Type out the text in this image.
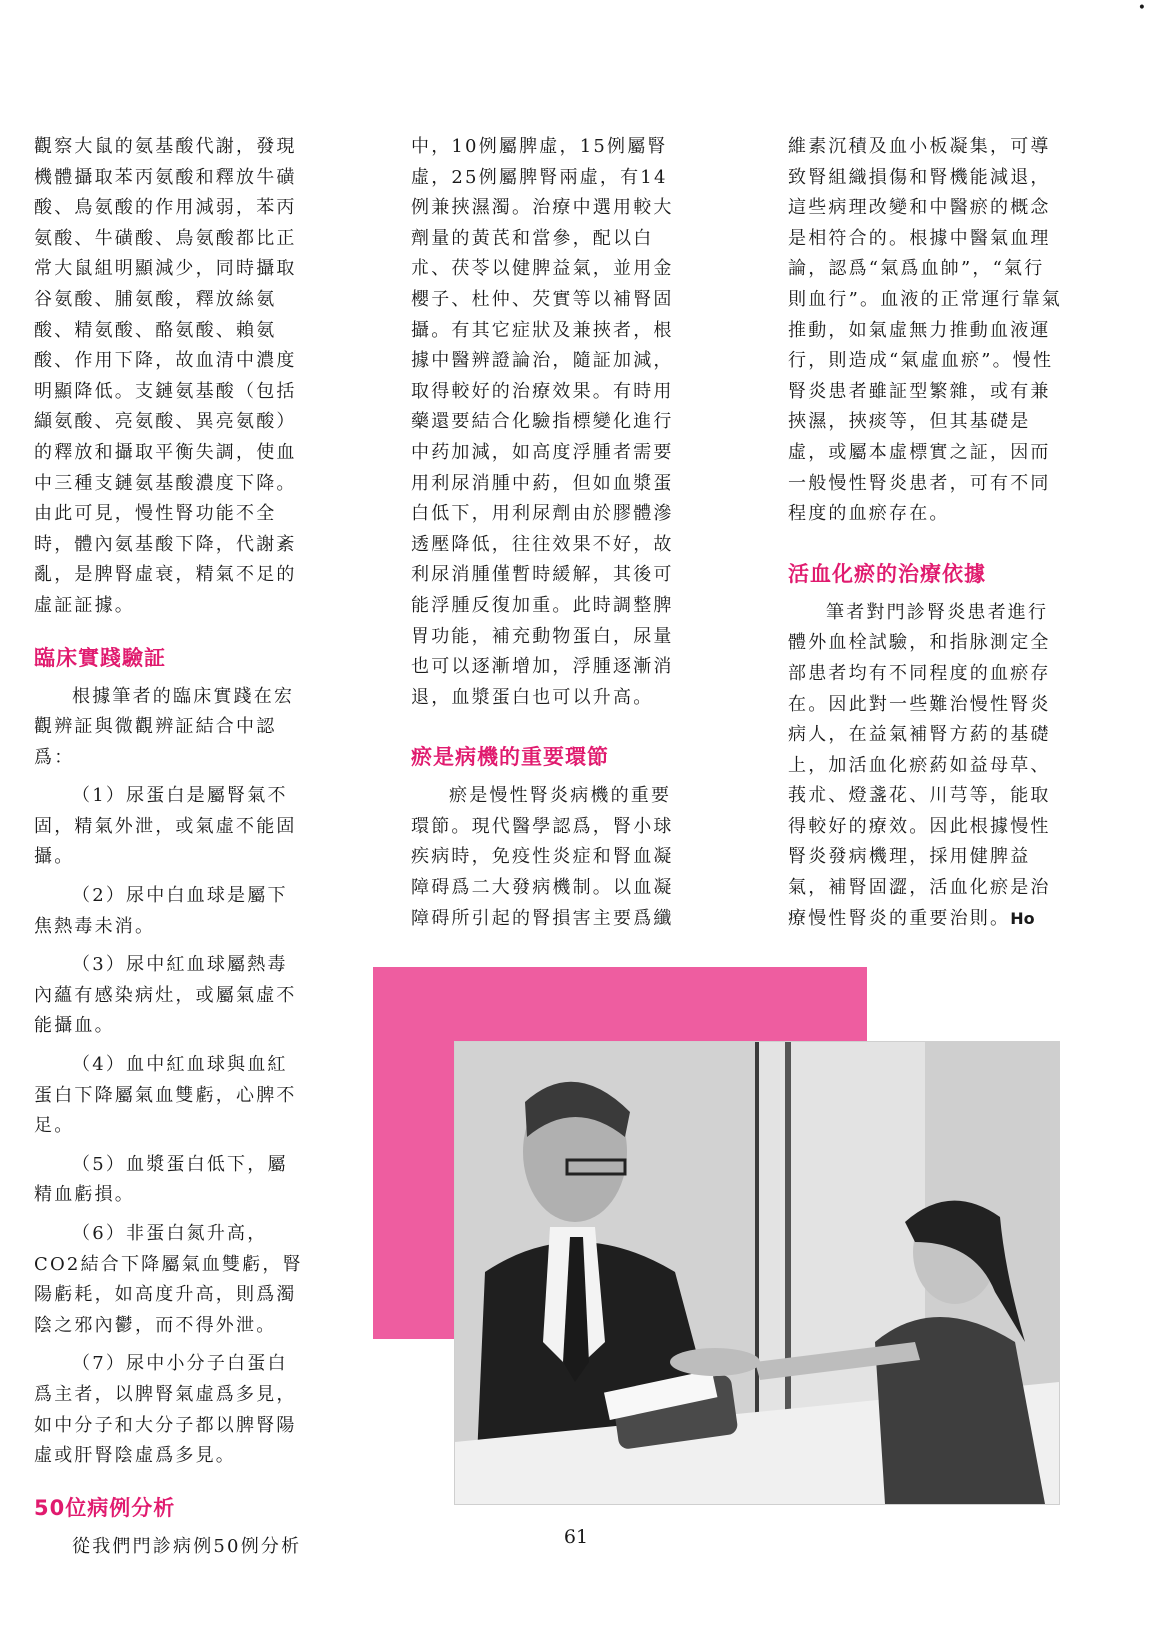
•

觀察大鼠的氨基酸代謝，發現機體攝取苯丙氨酸和釋放牛磺酸、鳥氨酸的作用減弱，苯丙氨酸、牛磺酸、鳥氨酸都比正常大鼠組明顯減少，同時攝取谷氨酸、脯氨酸，釋放絲氨酸、精氨酸、酪氨酸、賴氨酸、作用下降，故血清中濃度明顯降低。支鏈氨基酸（包括纈氨酸、亮氨酸、異亮氨酸）的釋放和攝取平衡失調，使血中三種支鏈氨基酸濃度下降。由此可見，慢性腎功能不全時，體內氨基酸下降，代謝紊亂，是脾腎虛衰，精氣不足的虛証証據。

臨床實踐驗証

根據筆者的臨床實踐在宏觀辨証與微觀辨証結合中認爲：

（1）尿蛋白是屬腎氣不固，精氣外泄，或氣虛不能固攝。

（2）尿中白血球是屬下焦熱毒未消。

（3）尿中紅血球屬熱毒內蘊有感染病灶，或屬氣虛不能攝血。

（4）血中紅血球與血紅蛋白下降屬氣血雙虧，心脾不足。

（5）血漿蛋白低下，屬精血虧損。

（6）非蛋白氮升高，CO2結合下降屬氣血雙虧，腎陽虧耗，如高度升高，則爲濁陰之邪內鬱，而不得外泄。

（7）尿中小分子白蛋白爲主者，以脾腎氣虛爲多見，如中分子和大分子都以脾腎陽虛或肝腎陰虛爲多見。

50位病例分析

從我們門診病例50例分析

中，10例屬脾虛，15例屬腎虛，25例屬脾腎兩虛，有14例兼挾濕濁。治療中選用較大劑量的黃芪和當參，配以白朮、茯苓以健脾益氣，並用金櫻子、杜仲、芡實等以補腎固攝。有其它症狀及兼挾者，根據中醫辨證論治，隨証加減，取得較好的治療效果。有時用藥還要結合化驗指標變化進行中药加減，如高度浮腫者需要用利尿消腫中葯，但如血漿蛋白低下，用利尿劑由於膠體滲透壓降低，往往效果不好，故利尿消腫僅暫時緩解，其後可能浮腫反復加重。此時調整脾胃功能，補充動物蛋白，尿量也可以逐漸增加，浮腫逐漸消退，血漿蛋白也可以升高。

瘀是病機的重要環節

瘀是慢性腎炎病機的重要環節。現代醫學認爲，腎小球疾病時，免疫性炎症和腎血凝障碍爲二大發病機制。以血凝障碍所引起的腎損害主要爲纖

維素沉積及血小板凝集，可導致腎組織損傷和腎機能減退，這些病理改變和中醫瘀的概念是相符合的。根據中醫氣血理論，認爲“氣爲血帥”，“氣行則血行”。血液的正常運行靠氣推動，如氣虛無力推動血液運行，則造成“氣虛血瘀”。慢性腎炎患者雖証型繁雜，或有兼挾濕，挾痰等，但其基礎是虛，或屬本虛標實之証，因而一般慢性腎炎患者，可有不同程度的血瘀存在。

活血化瘀的治療依據

筆者對門診腎炎患者進行體外血栓試驗，和指脉測定全部患者均有不同程度的血瘀存在。因此對一些難治慢性腎炎病人，在益氣補腎方葯的基礎上，加活血化瘀葯如益母草、莪朮、燈盞花、川芎等，能取得較好的療效。因此根據慢性腎炎發病機理，採用健脾益氣，補腎固澀，活血化瘀是治療慢性腎炎的重要治則。Ho

61
